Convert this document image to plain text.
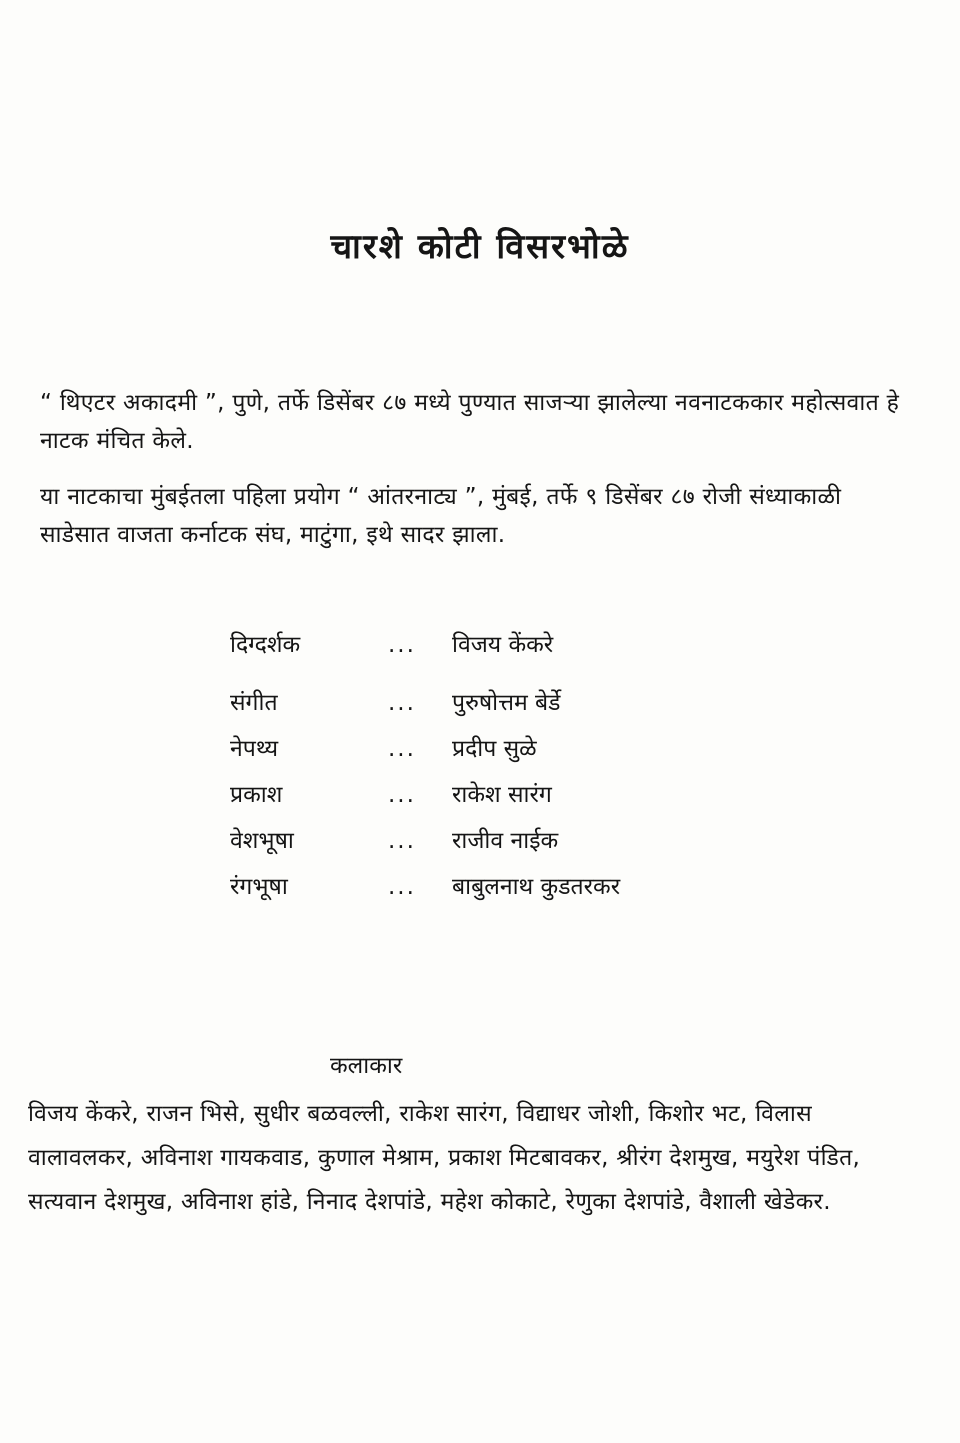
चारशे कोटी विसरभोळे
“ थिएटर अकादमी ”, पुणे, तर्फे डिसेंबर ८७ मध्ये पुण्यात साजऱ्या झालेल्या नवनाटककार महोत्सवात हे नाटक मंचित केले.
या नाटकाचा मुंबईतला पहिला प्रयोग “ आंतरनाट्य ”, मुंबई, तर्फे ९ डिसेंबर ८७ रोजी संध्याकाळी साडेसात वाजता कर्नाटक संघ, माटुंगा, इथे सादर झाला.
दिग्दर्शक	... विजय केंकरे
संगीत	... पुरुषोत्तम बेर्डे
नेपथ्य	... प्रदीप सुळे
प्रकाश	... राकेश सारंग
वेशभूषा	... राजीव नाईक
रंगभूषा	... बाबुलनाथ कुडतरकर
कलाकार
विजय केंकरे, राजन भिसे, सुधीर बळवल्ली, राकेश सारंग, विद्याधर जोशी, किशोर भट, विलास वालावलकर, अविनाश गायकवाड, कुणाल मेश्राम, प्रकाश मिटबावकर, श्रीरंग देशमुख, मयुरेश पंडित, सत्यवान देशमुख, अविनाश हांडे, निनाद देशपांडे, महेश कोकाटे, रेणुका देशपांडे, वैशाली खेडेकर.
